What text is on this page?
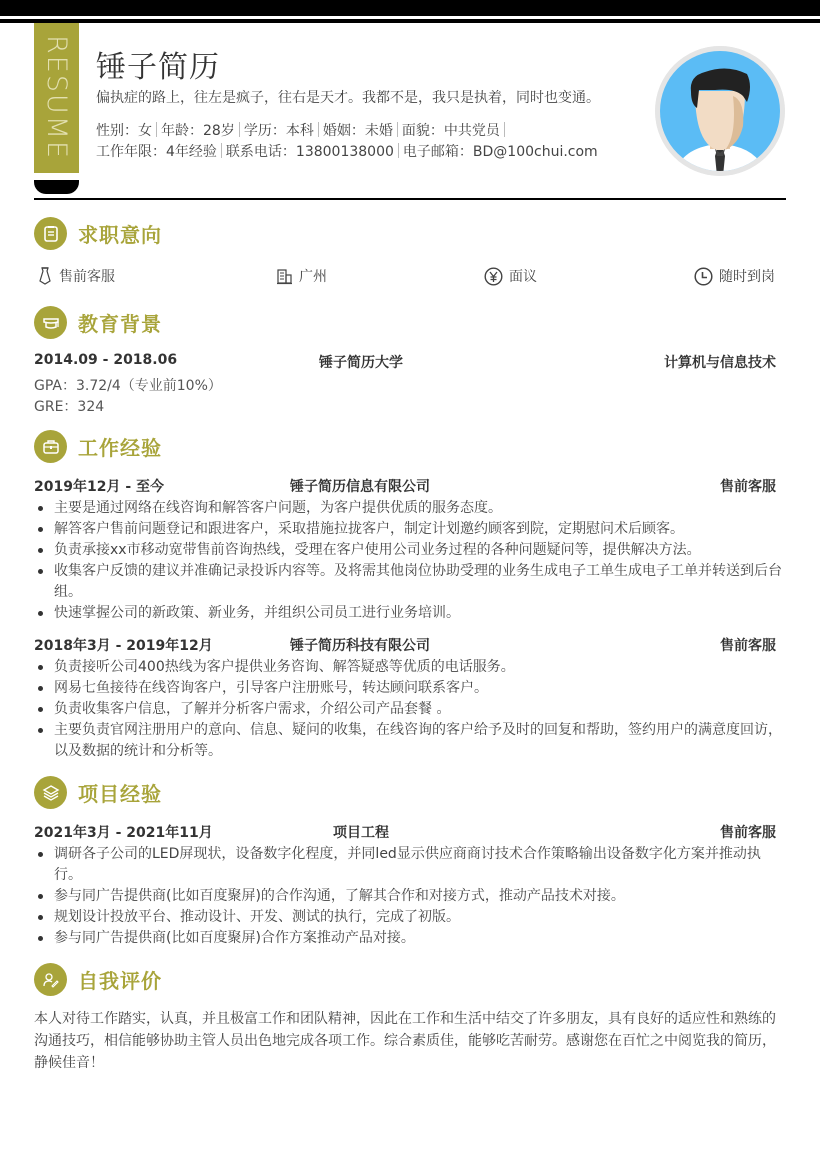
RESUME 锤子简历
偏执症的路上，往左是疯子，往右是天才。我都不是，我只是执着，同时也变通。
性别：女 年龄：28岁 学历：本科 婚姻：未婚 面貌：中共党员
工作年限：4年经验 联系电话：13800138000 电子邮箱：BD@100chui.com
求职意向
售前客服	广州	面议	随时到岗
教育背景
2014.09 - 2018.06	锤子简历大学	计算机与信息技术
GPA：3.72/4（专业前10%）
GRE：324
工作经验
2019年12月 - 至今	锤子简历信息有限公司	售前客服
主要是通过网络在线咨询和解答客户问题，为客户提供优质的服务态度。
解答客户售前问题登记和跟进客户，采取措施拉拢客户，制定计划邀约顾客到院，定期慰问术后顾客。
负责承接xx市移动宽带售前咨询热线，受理在客户使用公司业务过程的各种问题疑问等，提供解决方法。
收集客户反馈的建议并准确记录投诉内容等。及将需其他岗位协助受理的业务生成电子工单生成电子工单并转送到后台组。
快速掌握公司的新政策、新业务，并组织公司员工进行业务培训。
2018年3月 - 2019年12月	锤子简历科技有限公司	售前客服
负责接听公司400热线为客户提供业务咨询、解答疑惑等优质的电话服务。
网易七鱼接待在线咨询客户，引导客户注册账号，转达顾问联系客户。
负责收集客户信息，了解并分析客户需求，介绍公司产品套餐 。
主要负责官网注册用户的意向、信息、疑问的收集，在线咨询的客户给予及时的回复和帮助，签约用户的满意度回访，以及数据的统计和分析等。
项目经验
2021年3月 - 2021年11月	项目工程	售前客服
调研各子公司的LED屏现状，设备数字化程度，并同led显示供应商商讨技术合作策略输出设备数字化方案并推动执行。
参与同广告提供商(比如百度聚屏)的合作沟通，了解其合作和对接方式，推动产品技术对接。
规划设计投放平台、推动设计、开发、测试的执行，完成了初版。
参与同广告提供商(比如百度聚屏)合作方案推动产品对接。
自我评价
本人对待工作踏实，认真，并且极富工作和团队精神，因此在工作和生活中结交了许多朋友，具有良好的适应性和熟练的沟通技巧，相信能够协助主管人员出色地完成各项工作。综合素质佳，能够吃苦耐劳。感谢您在百忙之中阅览我的简历，静候佳音！
